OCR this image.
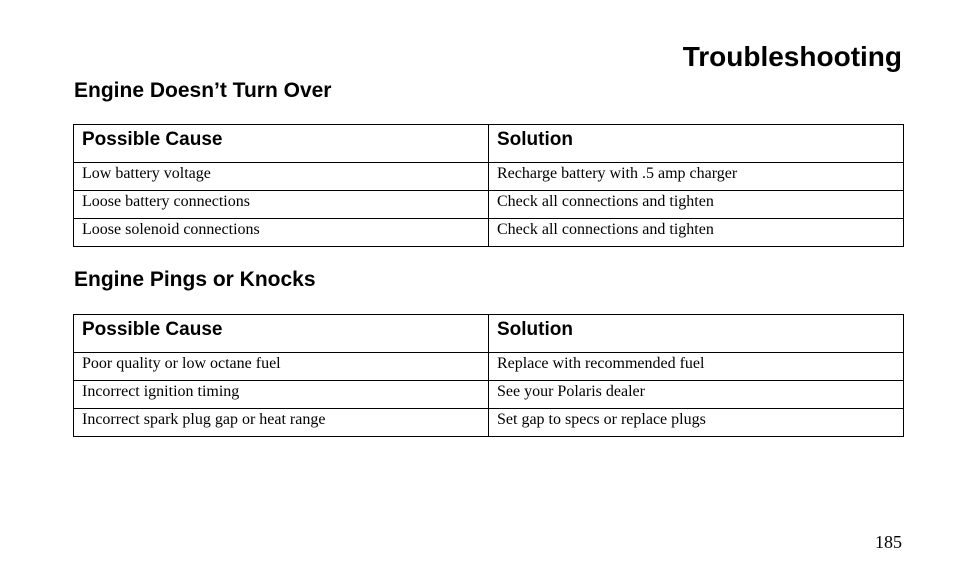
Troubleshooting
Engine Doesn’t Turn Over
Possible Cause	Solution
Low battery voltage	Recharge battery with .5 amp charger
Loose battery connections	Check all connections and tighten
Loose solenoid connections	Check all connections and tighten
Engine Pings or Knocks
Possible Cause	Solution
Poor quality or low octane fuel	Replace with recommended fuel
Incorrect ignition timing	See your Polaris dealer
Incorrect spark plug gap or heat range	Set gap to specs or replace plugs
185
